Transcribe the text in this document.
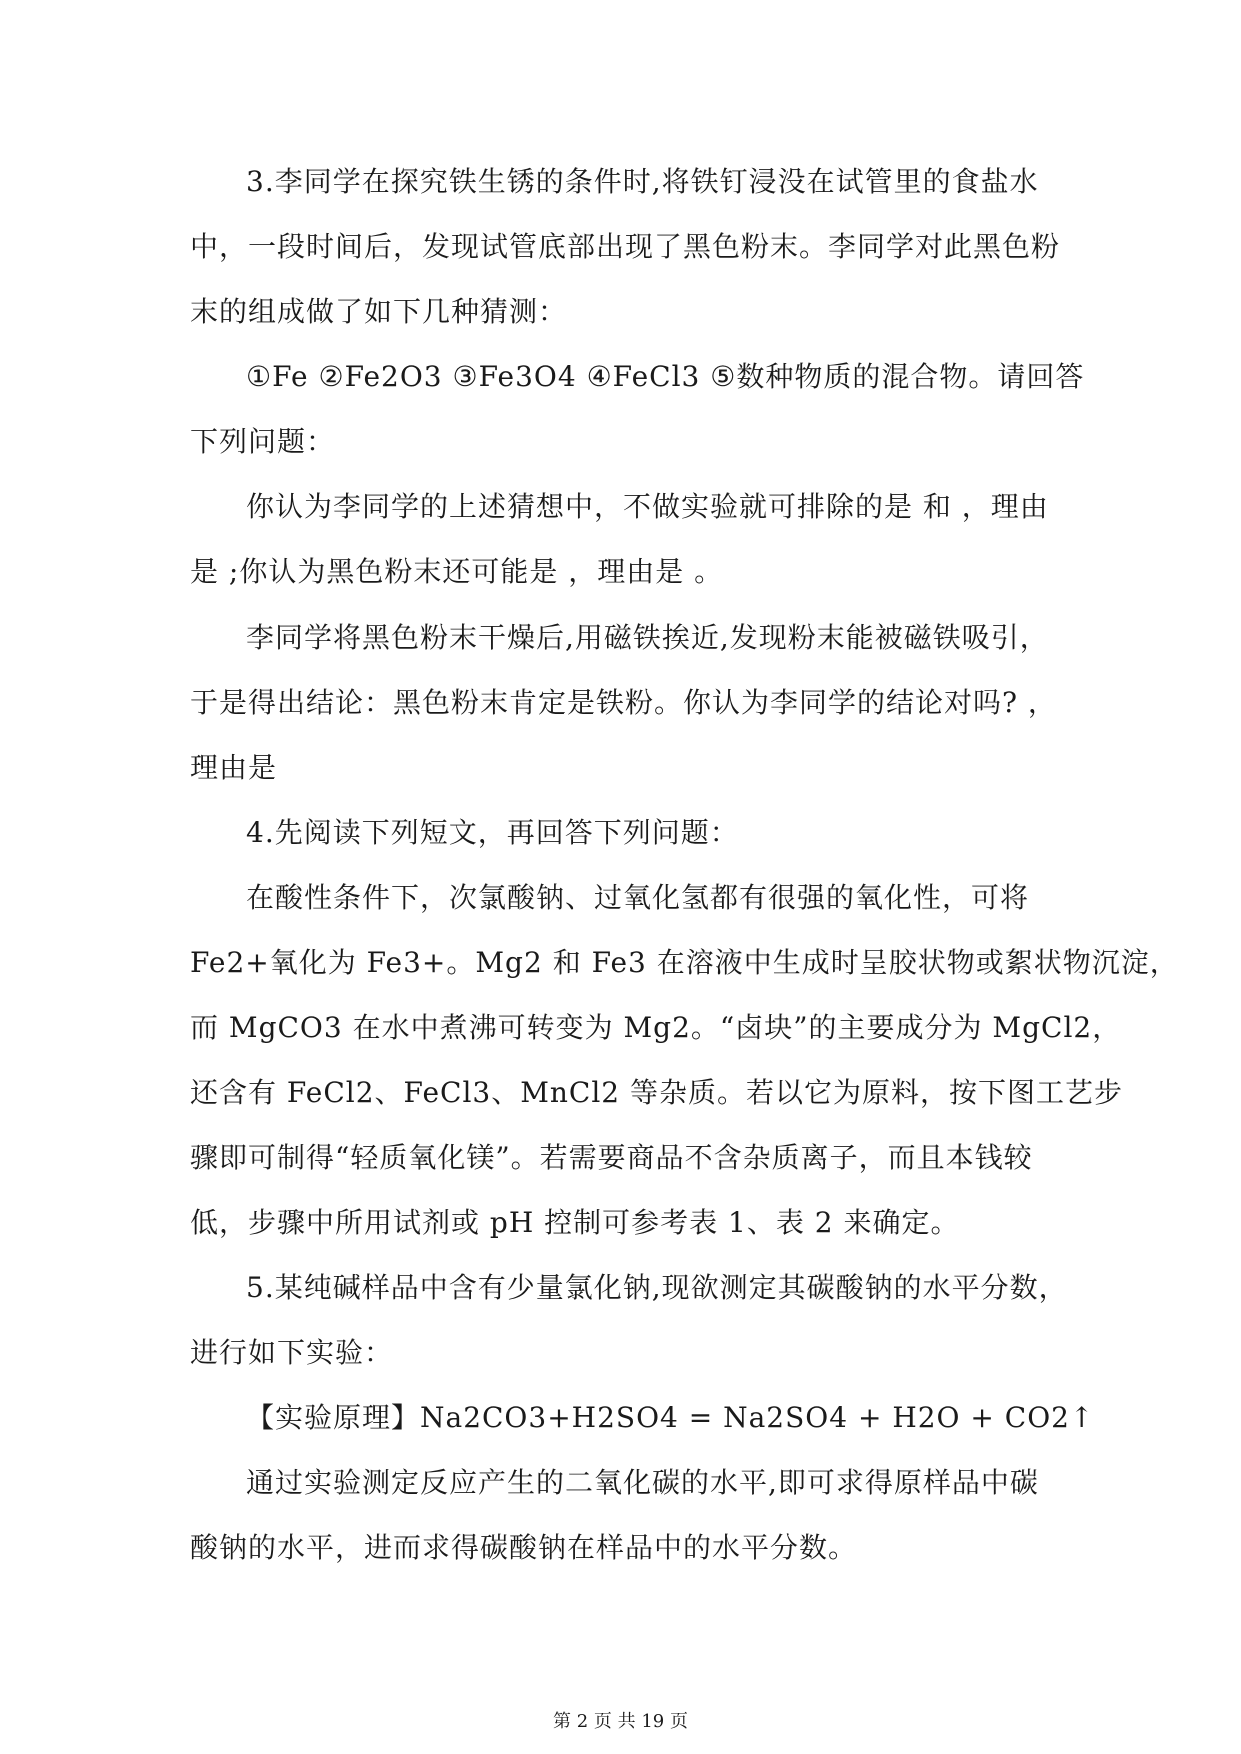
3.李同学在探究铁生锈的条件时,将铁钉浸没在试管里的食盐水
中，一段时间后，发现试管底部出现了黑色粉末。李同学对此黑色粉
末的组成做了如下几种猜测：
①Fe ②Fe2O3 ③Fe3O4 ④FeCl3 ⑤数种物质的混合物。请回答
下列问题：
你认为李同学的上述猜想中，不做实验就可排除的是 和 ，理由
是 ;你认为黑色粉末还可能是 ，理由是 。
李同学将黑色粉末干燥后,用磁铁挨近,发现粉末能被磁铁吸引，
于是得出结论：黑色粉末肯定是铁粉。你认为李同学的结论对吗? ，
理由是
4.先阅读下列短文，再回答下列问题：
在酸性条件下，次氯酸钠、过氧化氢都有很强的氧化性，可将
Fe2+氧化为 Fe3+。Mg2 和 Fe3 在溶液中生成时呈胶状物或絮状物沉淀，
而 MgCO3 在水中煮沸可转变为 Mg2。“卤块”的主要成分为 MgCl2，
还含有 FeCl2、FeCl3、MnCl2 等杂质。若以它为原料，按下图工艺步
骤即可制得“轻质氧化镁”。若需要商品不含杂质离子，而且本钱较
低，步骤中所用试剂或 pH 控制可参考表 1、表 2 来确定。
5.某纯碱样品中含有少量氯化钠,现欲测定其碳酸钠的水平分数，
进行如下实验：
【实验原理】Na2CO3+H2SO4 = Na2SO4 + H2O + CO2↑
通过实验测定反应产生的二氧化碳的水平,即可求得原样品中碳
酸钠的水平，进而求得碳酸钠在样品中的水平分数。
第 2 页 共 19 页
